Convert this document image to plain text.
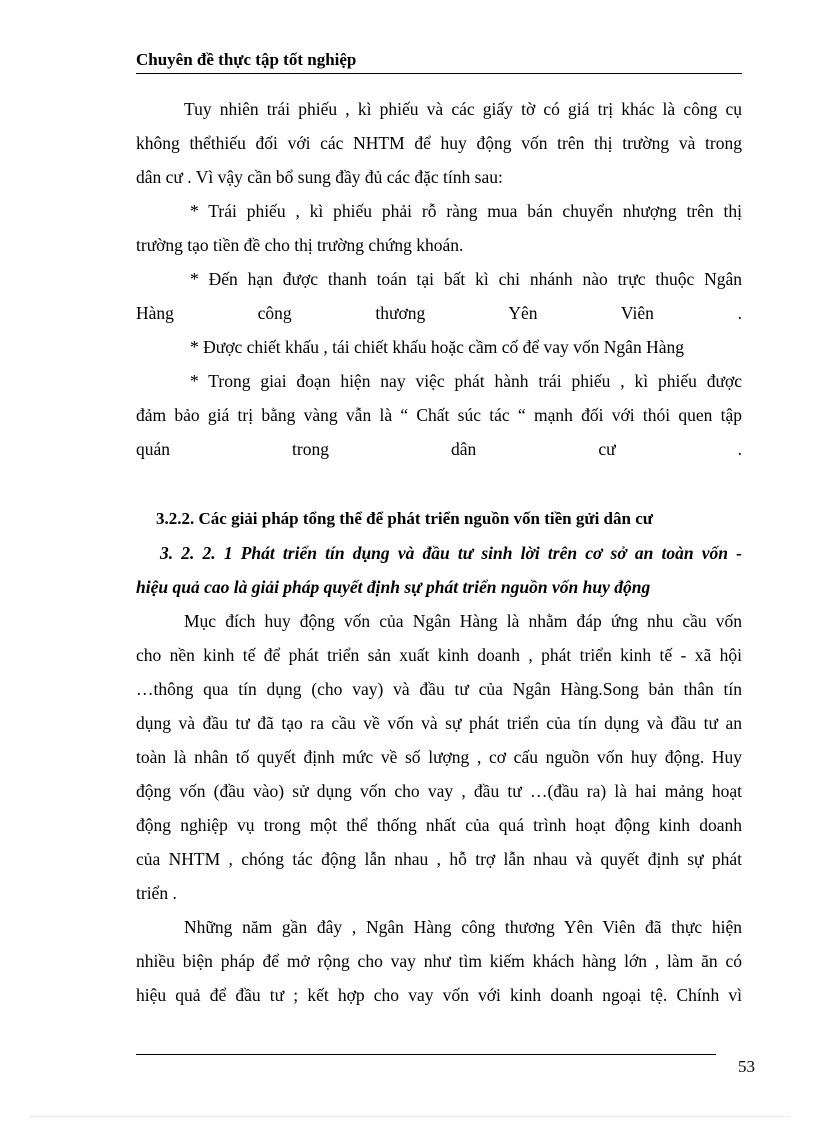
Chuyên đề thực tập tốt nghiệp

Tuy nhiên trái phiếu , kì phiếu và các giấy tờ có giá trị khác là công cụ

không thểthiếu đối với các NHTM để huy động vốn trên thị trường và trong

dân cư . Vì vậy cần bổ sung đầy đủ các đặc tính sau:

* Trái phiếu , kì phiếu phải rỗ ràng mua bán chuyển nhượng trên thị

trường tạo tiền đề cho thị trường chứng khoán.

* Đến hạn được thanh toán tại bất kì chi nhánh nào trực thuộc Ngân

Hàng công thương Yên Viên .

* Được chiết khấu , tái chiết khấu hoặc cầm cố để vay vốn Ngân Hàng

* Trong giai đoạn hiện nay việc phát hành trái phiếu , kì phiếu được

đảm bảo giá trị bằng vàng vẫn là “ Chất súc tác “ mạnh đối với thói quen tập

quán trong dân cư .

3.2.2. Các giải pháp tổng thể để phát triển nguồn vốn tiền gửi dân cư

3. 2. 2. 1 Phát triển tín dụng và đầu tư sinh lời trên cơ sở an toàn vốn -

hiệu quả cao là giải pháp quyết định sự phát triển nguồn vốn huy động

Mục đích huy động vốn của Ngân Hàng là nhằm đáp ứng nhu cầu vốn

cho nền kinh tế để phát triển sản xuất kinh doanh , phát triển kinh tế - xã hội

…thông qua tín dụng (cho vay) và đầu tư của Ngân Hàng.Song bản thân tín

dụng và đầu tư đã tạo ra cầu về vốn và sự phát triển của tín dụng và đầu tư an

toàn là nhân tố quyết định mức về số lượng , cơ cấu nguồn vốn huy động. Huy

động vốn (đầu vào) sử dụng vốn cho vay , đầu tư …(đầu ra) là hai mảng hoạt

động nghiệp vụ trong một thể thống nhất của quá trình hoạt động kinh doanh

của NHTM , chóng tác động lẫn nhau , hỗ trợ lẫn nhau và quyết định sự phát

triển .

Những năm gần đây , Ngân Hàng công thương Yên Viên đã thực hiện

nhiều biện pháp để mở rộng cho vay như tìm kiếm khách hàng lớn , làm ăn có

hiệu quả để đầu tư ; kết hợp cho vay vốn với kinh doanh ngoại tệ. Chính vì

53
